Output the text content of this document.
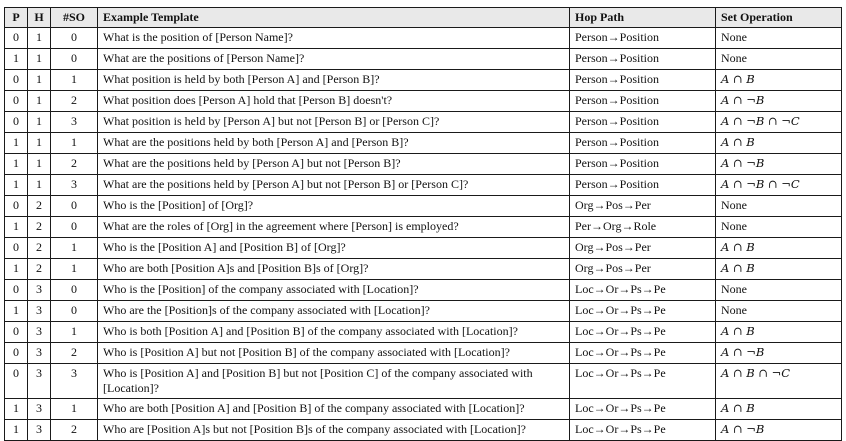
P	H	#SO	Example Template	Hop Path	Set Operation
0	1	0	What is the position of [Person Name]?	Person→Position	None
1	1	0	What are the positions of [Person Name]?	Person→Position	None
0	1	1	What position is held by both [Person A] and [Person B]?	Person→Position	A ∩ B
0	1	2	What position does [Person A] hold that [Person B] doesn't?	Person→Position	A ∩ ¬B
0	1	3	What position is held by [Person A] but not [Person B] or [Person C]?	Person→Position	A ∩ ¬B ∩ ¬C
1	1	1	What are the positions held by both [Person A] and [Person B]?	Person→Position	A ∩ B
1	1	2	What are the positions held by [Person A] but not [Person B]?	Person→Position	A ∩ ¬B
1	1	3	What are the positions held by [Person A] but not [Person B] or [Person C]?	Person→Position	A ∩ ¬B ∩ ¬C
0	2	0	Who is the [Position] of [Org]?	Org→Pos→Per	None
1	2	0	What are the roles of [Org] in the agreement where [Person] is employed?	Per→Org→Role	None
0	2	1	Who is the [Position A] and [Position B] of [Org]?	Org→Pos→Per	A ∩ B
1	2	1	Who are both [Position A]s and [Position B]s of [Org]?	Org→Pos→Per	A ∩ B
0	3	0	Who is the [Position] of the company associated with [Location]?	Loc→Or→Ps→Pe	None
1	3	0	Who are the [Position]s of the company associated with [Location]?	Loc→Or→Ps→Pe	None
0	3	1	Who is both [Position A] and [Position B] of the company associated with [Location]?	Loc→Or→Ps→Pe	A ∩ B
0	3	2	Who is [Position A] but not [Position B] of the company associated with [Location]?	Loc→Or→Ps→Pe	A ∩ ¬B
0	3	3	Who is [Position A] and [Position B] but not [Position C] of the company associated with [Location]?	Loc→Or→Ps→Pe	A ∩ B ∩ ¬C
1	3	1	Who are both [Position A] and [Position B] of the company associated with [Location]?	Loc→Or→Ps→Pe	A ∩ B
1	3	2	Who are [Position A]s but not [Position B]s of the company associated with [Location]?	Loc→Or→Ps→Pe	A ∩ ¬B
